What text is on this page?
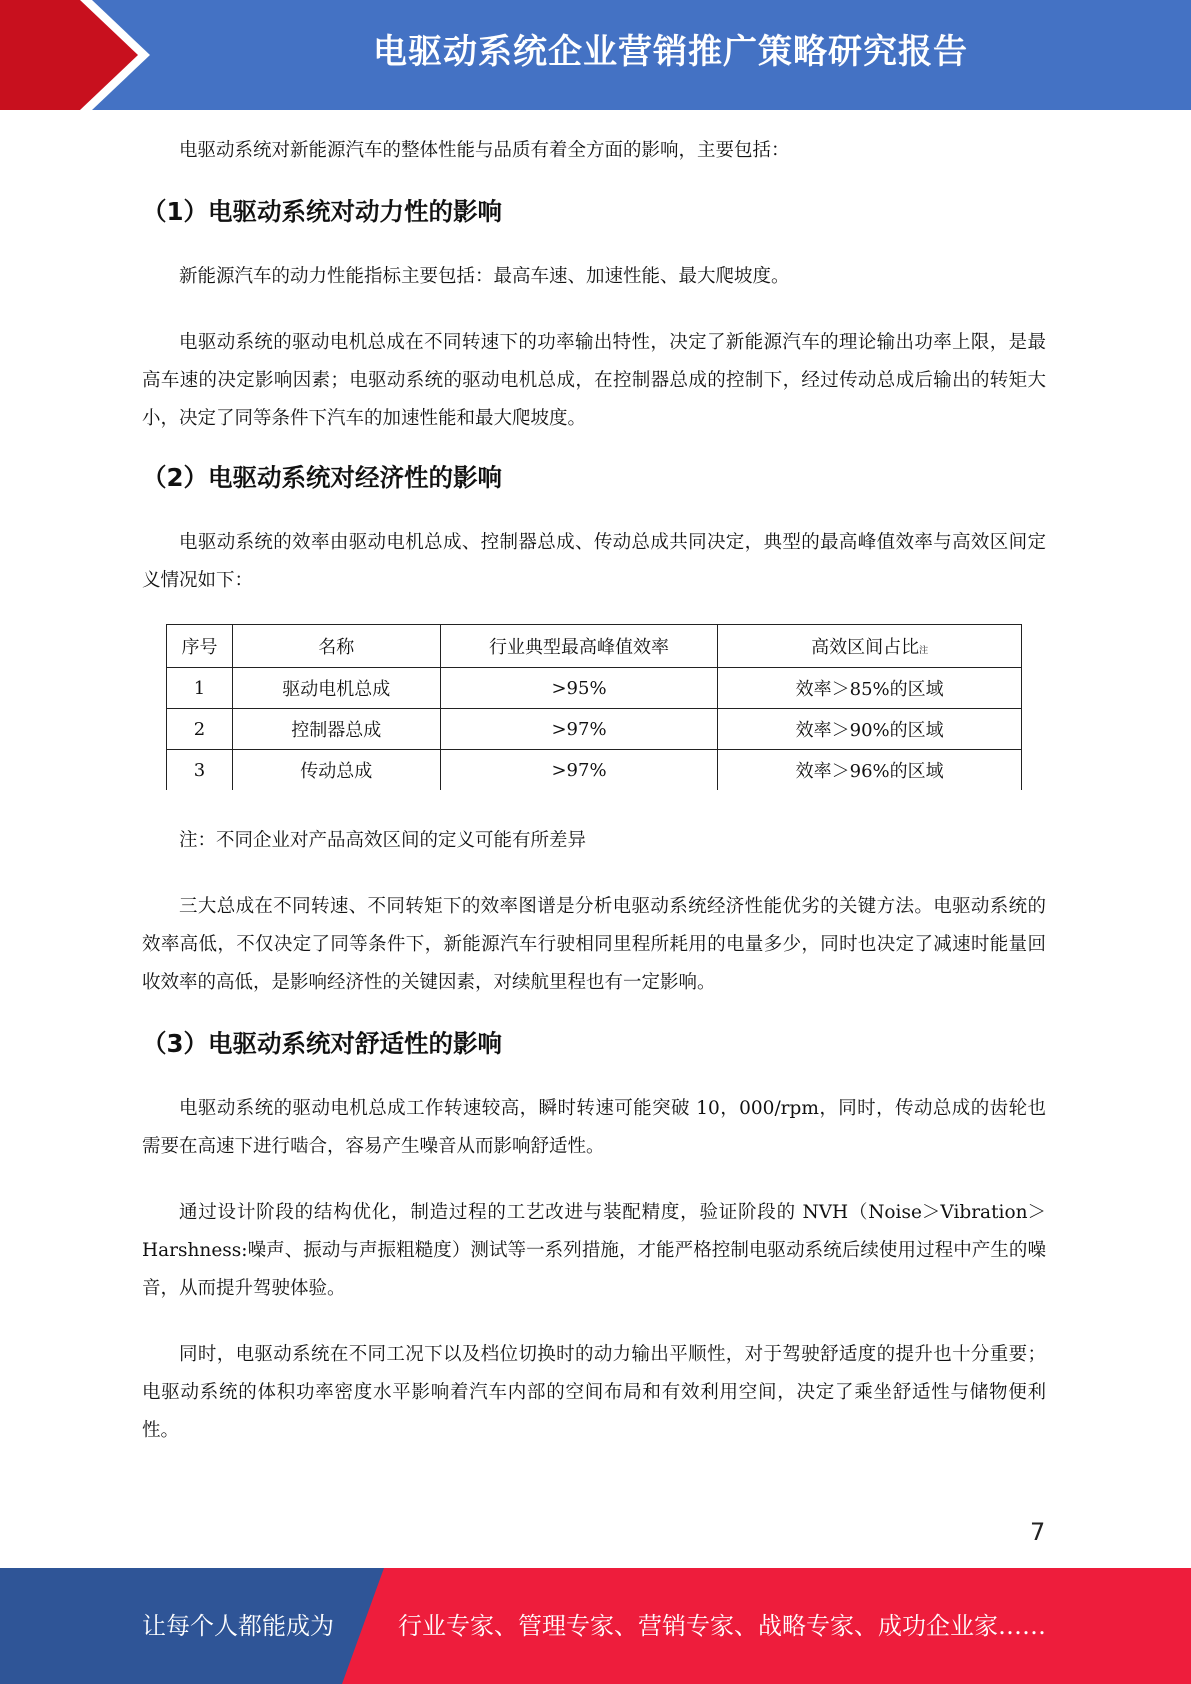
电驱动系统企业营销推广策略研究报告

电驱动系统对新能源汽车的整体性能与品质有着全方面的影响，主要包括：

（1）电驱动系统对动力性的影响

新能源汽车的动力性能指标主要包括：最高车速、加速性能、最大爬坡度。

电驱动系统的驱动电机总成在不同转速下的功率输出特性，决定了新能源汽车的理论输出功率上限，是最高车速的决定影响因素；电驱动系统的驱动电机总成，在控制器总成的控制下，经过传动总成后输出的转矩大小，决定了同等条件下汽车的加速性能和最大爬坡度。

（2）电驱动系统对经济性的影响

电驱动系统的效率由驱动电机总成、控制器总成、传动总成共同决定，典型的最高峰值效率与高效区间定义情况如下：

序号	名称	行业典型最高峰值效率	高效区间占比注
1	驱动电机总成	>95%	效率＞85%的区域
2	控制器总成	>97%	效率＞90%的区域
3	传动总成	>97%	效率＞96%的区域

注：不同企业对产品高效区间的定义可能有所差异

三大总成在不同转速、不同转矩下的效率图谱是分析电驱动系统经济性能优劣的关键方法。电驱动系统的效率高低，不仅决定了同等条件下，新能源汽车行驶相同里程所耗用的电量多少，同时也决定了减速时能量回收效率的高低，是影响经济性的关键因素，对续航里程也有一定影响。

（3）电驱动系统对舒适性的影响

电驱动系统的驱动电机总成工作转速较高，瞬时转速可能突破 10，000/rpm，同时，传动总成的齿轮也需要在高速下进行啮合，容易产生噪音从而影响舒适性。

通过设计阶段的结构优化，制造过程的工艺改进与装配精度，验证阶段的 NVH（Noise＞Vibration＞Harshness:噪声、振动与声振粗糙度）测试等一系列措施，才能严格控制电驱动系统后续使用过程中产生的噪音，从而提升驾驶体验。

同时，电驱动系统在不同工况下以及档位切换时的动力输出平顺性，对于驾驶舒适度的提升也十分重要；电驱动系统的体积功率密度水平影响着汽车内部的空间布局和有效利用空间，决定了乘坐舒适性与储物便利性。

7
让每个人都能成为	行业专家、管理专家、营销专家、战略专家、成功企业家……
